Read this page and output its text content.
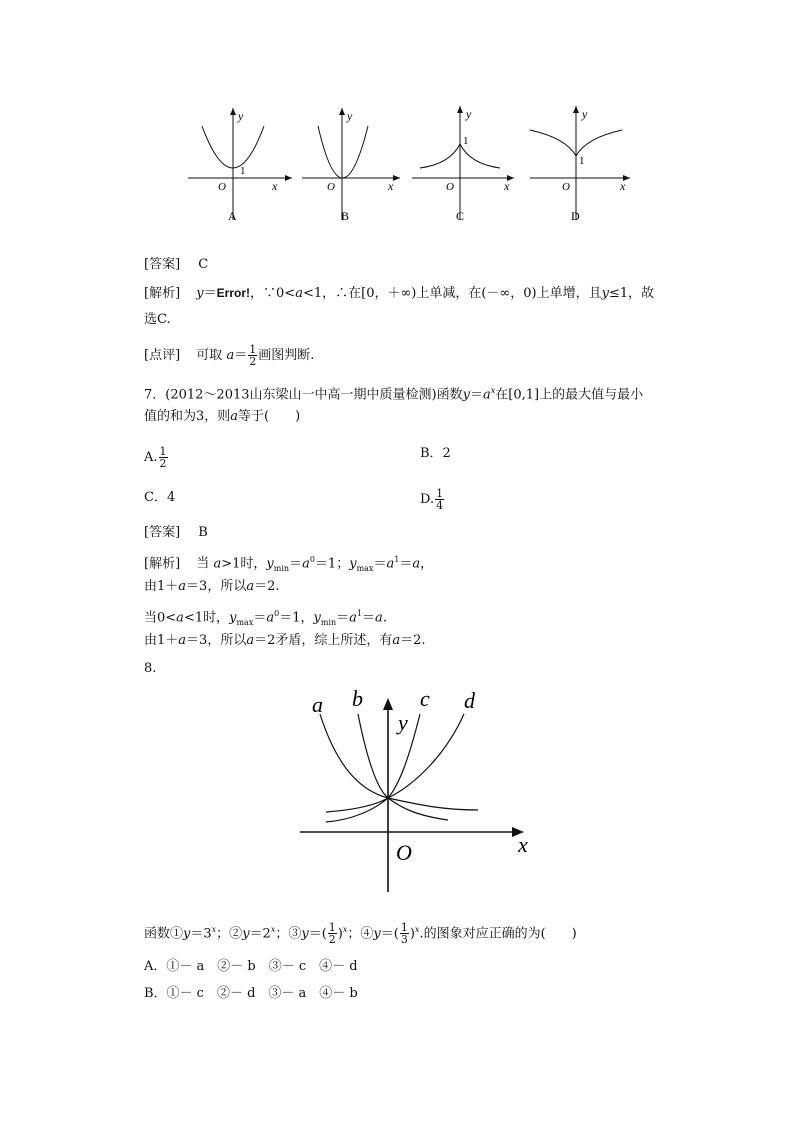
y
x
O
1
A
y
x
O
B
y
x
O
1
C
y
x
O
1
D
[答案] C
[解析] y＝Error!，∵0<a<1，∴在[0，＋∞)上单减，在(－∞，0)上单增，且y≤1，故
选C.
[点评] 可取 $a= \frac{1}{2}$ 画图判断.
7．(2012～2013山东梁山一中高一期中质量检测)函数$y=a^x$在[0,1]上的最大值与最小
值的和为3，则a等于(　　)
A. $\frac{1}{2}$	B．2
C．4	D. $\frac{1}{4}$
[答案] B
[解析] 当 a>1时，$y_{min}=a^0=1$；$y_{max}=a^1=a$，
由1＋a＝3，所以a＝2.
当0<a<1时，$y_{max}=a^0=1$，$y_{min}=a^1=a$.
由1＋a＝3，所以a＝2矛盾，综上所述，有a＝2.
8.
a b	c d
y
x
O
函数$①y=3^x$；$②y=2^x$；③y＝( $\frac{1}{2} )^x$；④y＝( $\frac{1}{3} )^x$.的图象对应正确的为(　　)
A．①－ a　②－ b　③－ c　④－ d
B．①－ c　②－ d　③－ a　④－ b
